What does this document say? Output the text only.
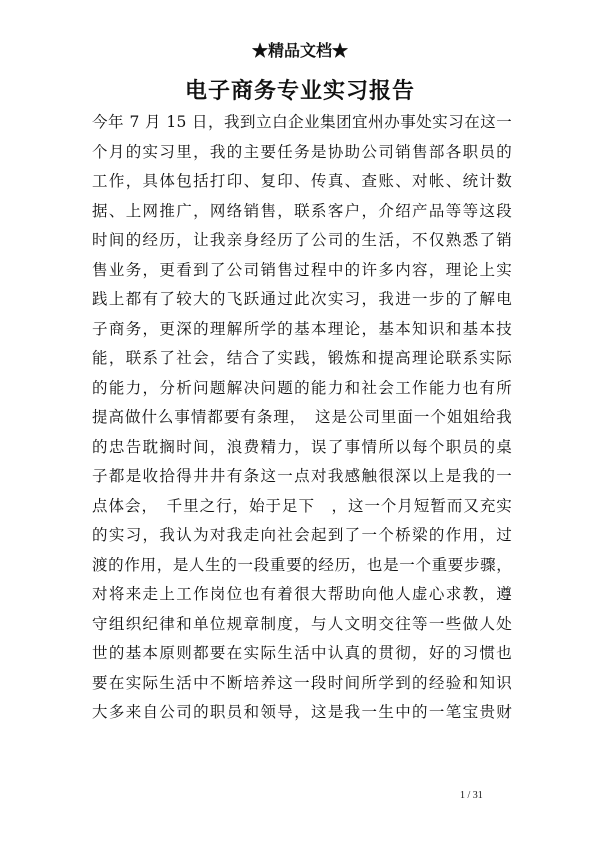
★精品文档★
电子商务专业实习报告
今年 7 月 15 日，我到立白企业集团宜州办事处实习在这一
个月的实习里，我的主要任务是协助公司销售部各职员的
工作，具体包括打印、复印、传真、查账、对帐、统计数
据、上网推广，网络销售，联系客户，介绍产品等等这段
时间的经历，让我亲身经历了公司的生活，不仅熟悉了销
售业务，更看到了公司销售过程中的许多内容，理论上实
践上都有了较大的飞跃通过此次实习，我进一步的了解电
子商务，更深的理解所学的基本理论，基本知识和基本技
能，联系了社会，结合了实践，锻炼和提高理论联系实际
的能力，分析问题解决问题的能力和社会工作能力也有所
提高做什么事情都要有条理，　这是公司里面一个姐姐给我
的忠告耽搁时间，浪费精力，误了事情所以每个职员的桌
子都是收拾得井井有条这一点对我感触很深以上是我的一
点体会，　千里之行，始于足下　，这一个月短暂而又充实
的实习，我认为对我走向社会起到了一个桥梁的作用，过
渡的作用，是人生的一段重要的经历，也是一个重要步骤，
对将来走上工作岗位也有着很大帮助向他人虚心求教，遵
守组织纪律和单位规章制度，与人文明交往等一些做人处
世的基本原则都要在实际生活中认真的贯彻，好的习惯也
要在实际生活中不断培养这一段时间所学到的经验和知识
大多来自公司的职员和领导，这是我一生中的一笔宝贵财
1 / 31
